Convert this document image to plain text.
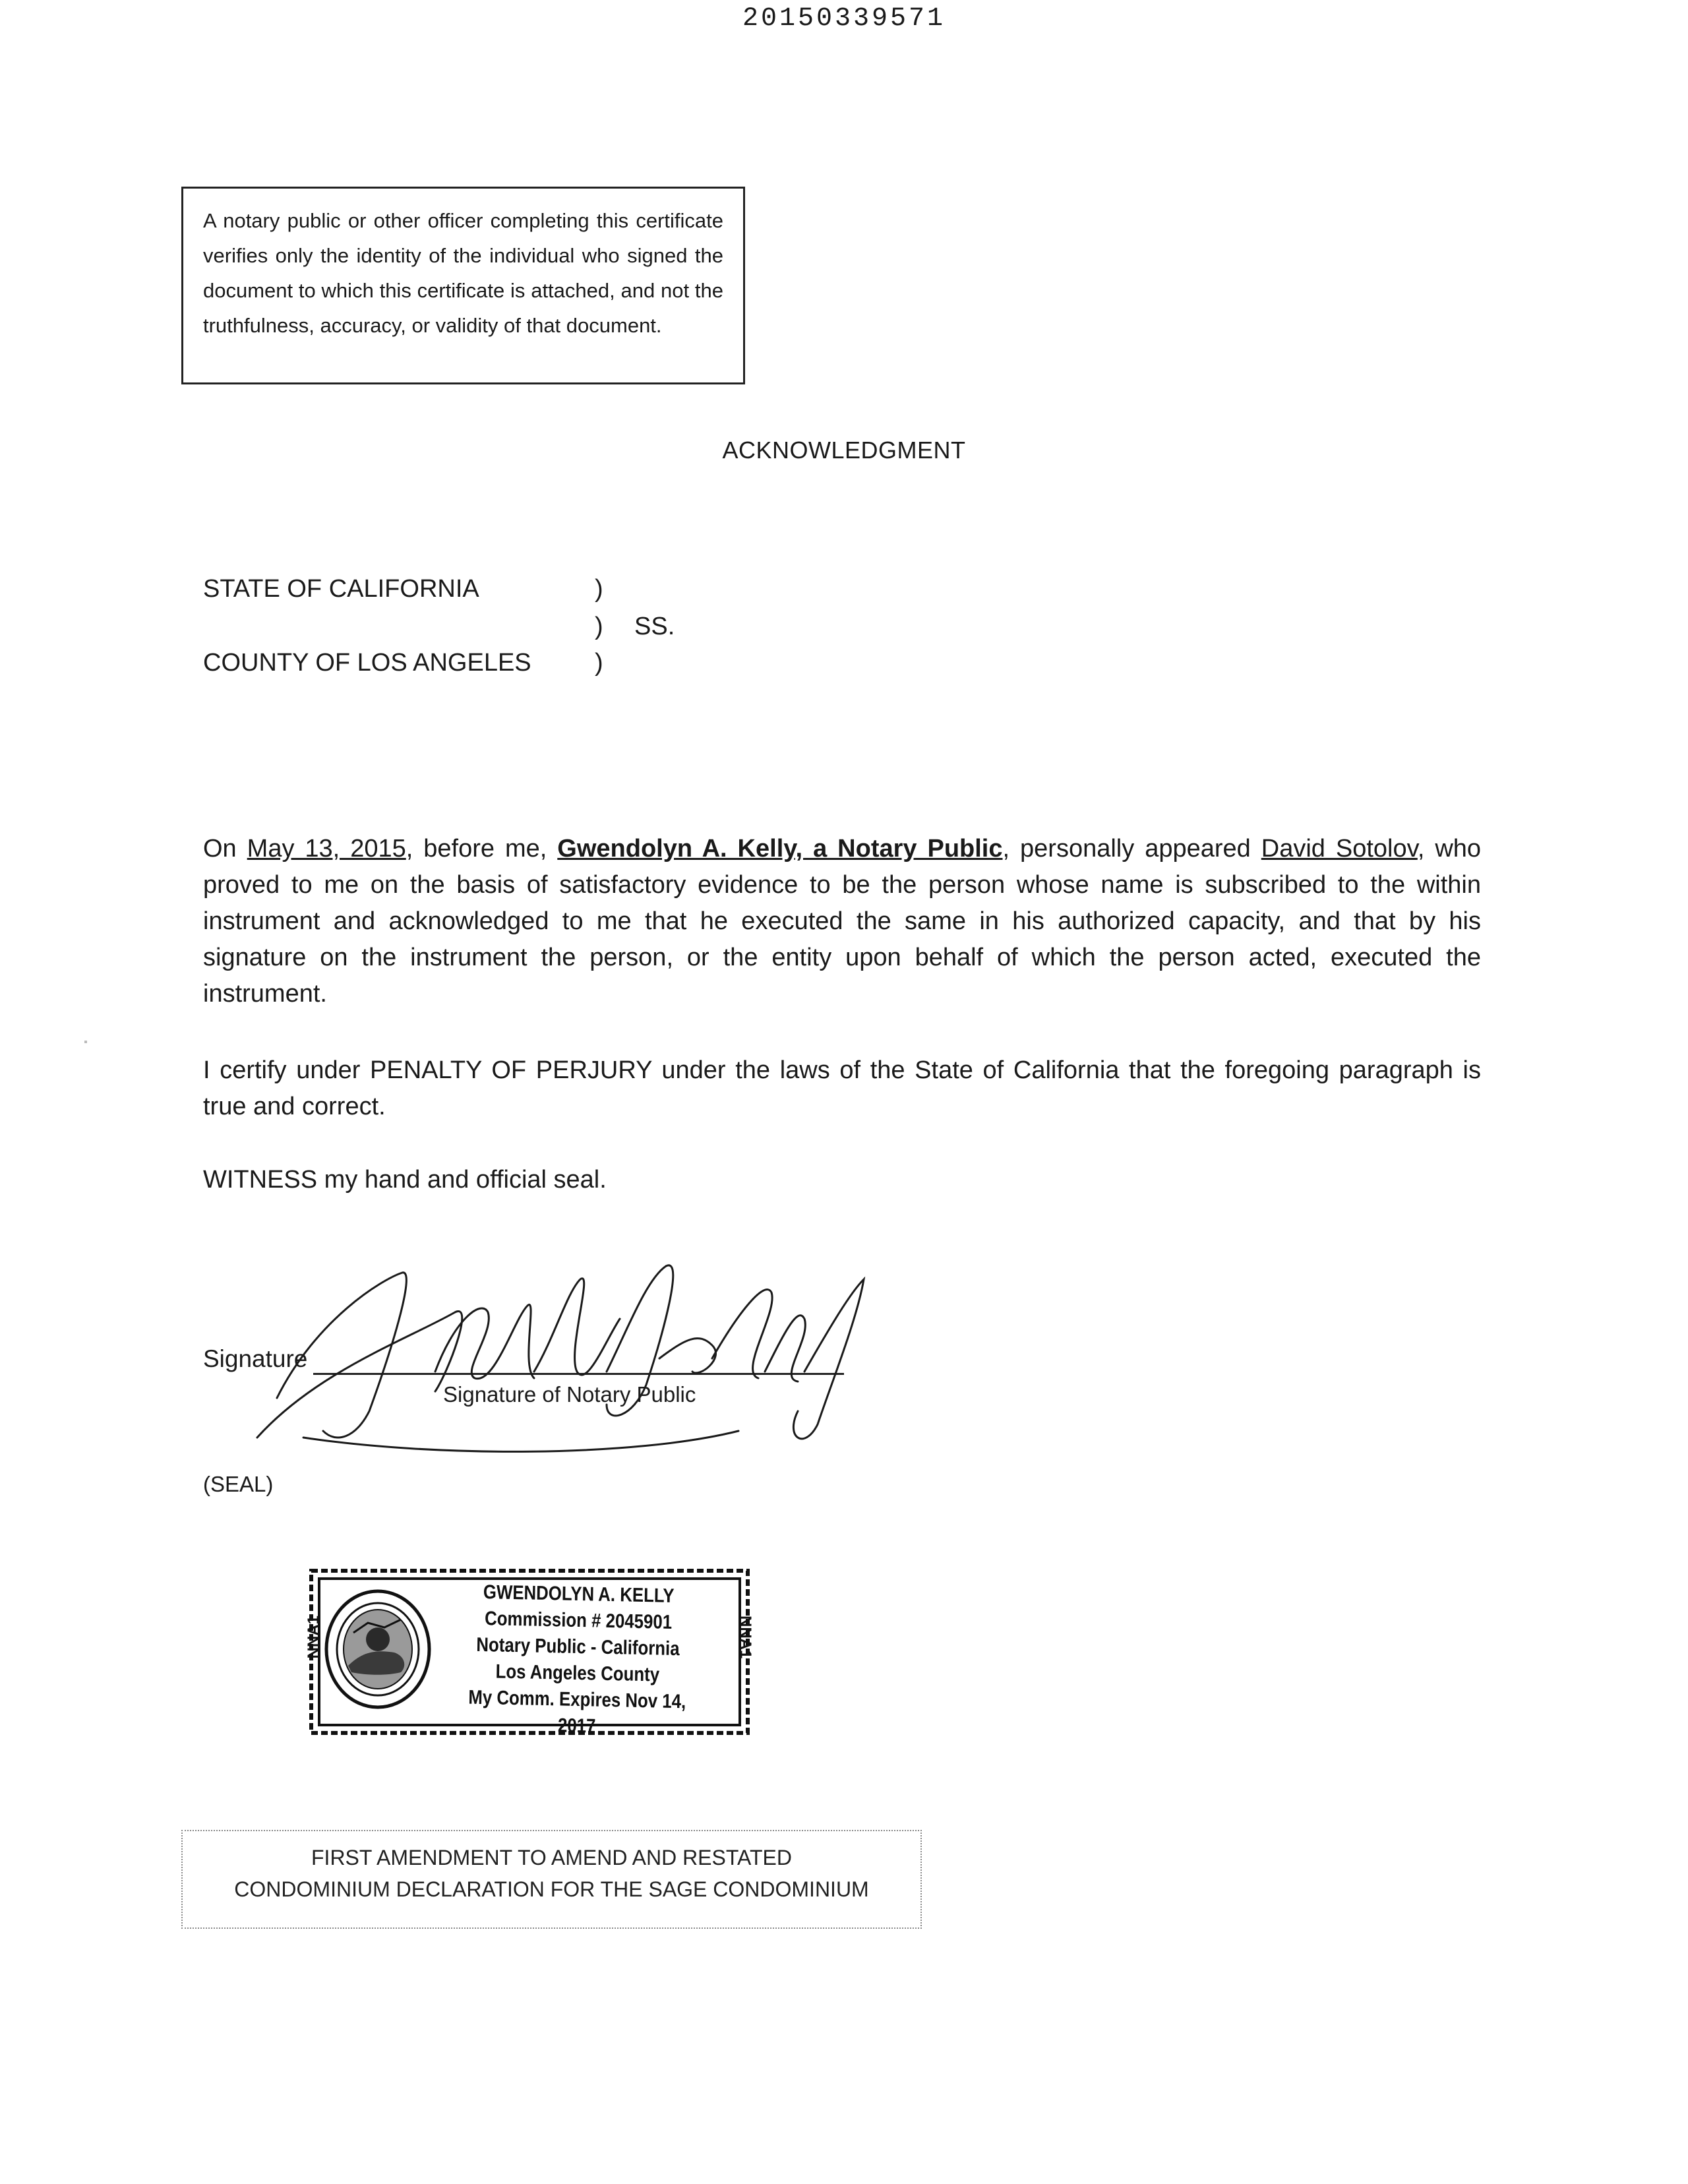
20150339571
A notary public or other officer completing this certificate verifies only the identity of the individual who signed the document to which this certificate is attached, and not the truthfulness, accuracy, or validity of that document.
ACKNOWLEDGMENT
STATE OF CALIFORNIA	)
) SS.
COUNTY OF LOS ANGELES	)
On May 13, 2015, before me, Gwendolyn A. Kelly, a Notary Public, personally appeared David Sotolov, who proved to me on the basis of satisfactory evidence to be the person whose name is subscribed to the within instrument and acknowledged to me that he executed the same in his authorized capacity, and that by his signature on the instrument the person, or the entity upon behalf of which the person acted, executed the instrument.
I certify under PENALTY OF PERJURY under the laws of the State of California that the foregoing paragraph is true and correct.
WITNESS my hand and official seal.
Signature
Signature of Notary Public
(SEAL)
GWENDOLYN A. KELLY
Commission # 2045901
Notary Public - California
Los Angeles County
My Comm. Expires Nov 14, 2017
NNA1	NNA1
FIRST AMENDMENT TO AMEND AND RESTATED
CONDOMINIUM DECLARATION FOR THE SAGE CONDOMINIUM
